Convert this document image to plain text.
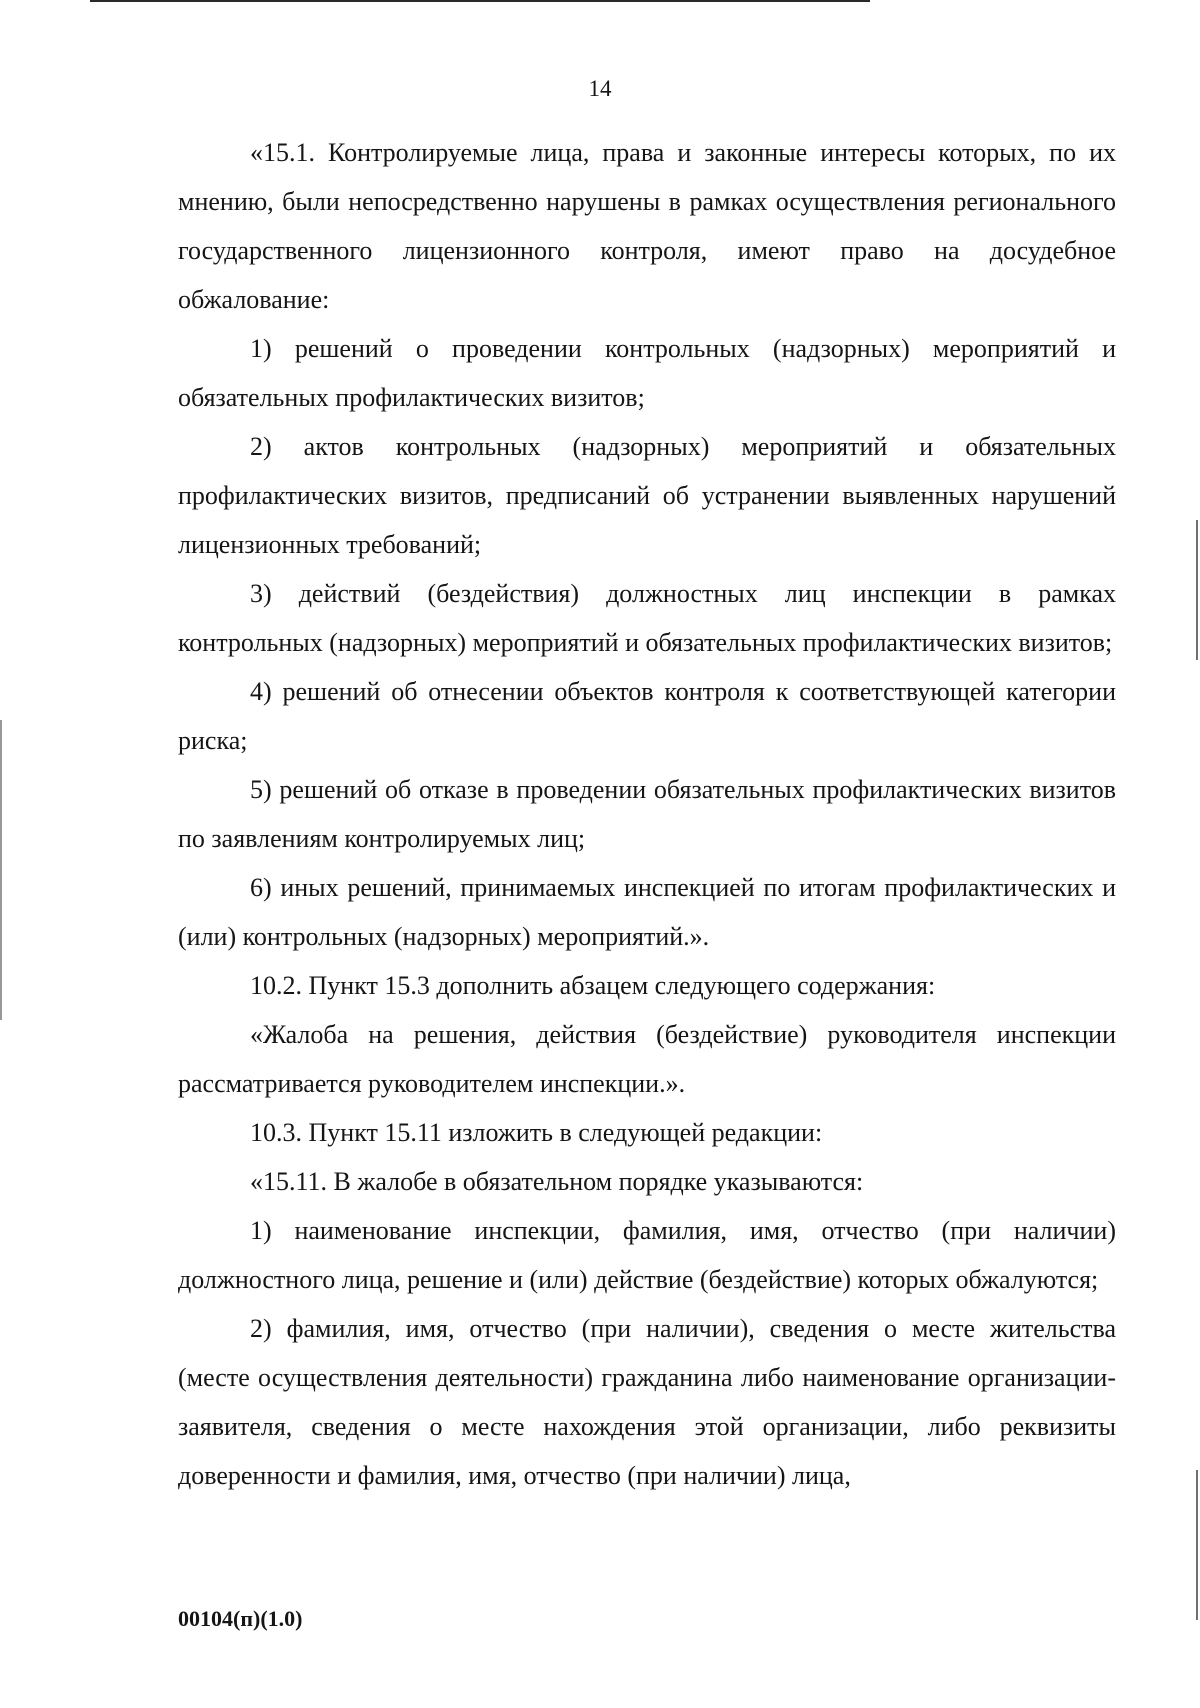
14

«15.1. Контролируемые лица, права и законные интересы которых, по их мнению, были непосредственно нарушены в рамках осуществления регионального государственного лицензионного контроля, имеют право на досудебное обжалование:

1) решений о проведении контрольных (надзорных) мероприятий и обязательных профилактических визитов;

2) актов контрольных (надзорных) мероприятий и обязательных профилактических визитов, предписаний об устранении выявленных нарушений лицензионных требований;

3) действий (бездействия) должностных лиц инспекции в рамках контрольных (надзорных) мероприятий и обязательных профилактических визитов;

4) решений об отнесении объектов контроля к соответствующей категории риска;

5) решений об отказе в проведении обязательных профилактических визитов по заявлениям контролируемых лиц;

6) иных решений, принимаемых инспекцией по итогам профилактических и (или) контрольных (надзорных) мероприятий.».

10.2. Пункт 15.3 дополнить абзацем следующего содержания:

«Жалоба на решения, действия (бездействие) руководителя инспекции рассматривается руководителем инспекции.».

10.3. Пункт 15.11 изложить в следующей редакции:

«15.11. В жалобе в обязательном порядке указываются:

1) наименование инспекции, фамилия, имя, отчество (при наличии) должностного лица, решение и (или) действие (бездействие) которых обжалуются;

2) фамилия, имя, отчество (при наличии), сведения о месте жительства (месте осуществления деятельности) гражданина либо наименование организации-заявителя, сведения о месте нахождения этой организации, либо реквизиты доверенности и фамилия, имя, отчество (при наличии) лица,

00104(п)(1.0)
